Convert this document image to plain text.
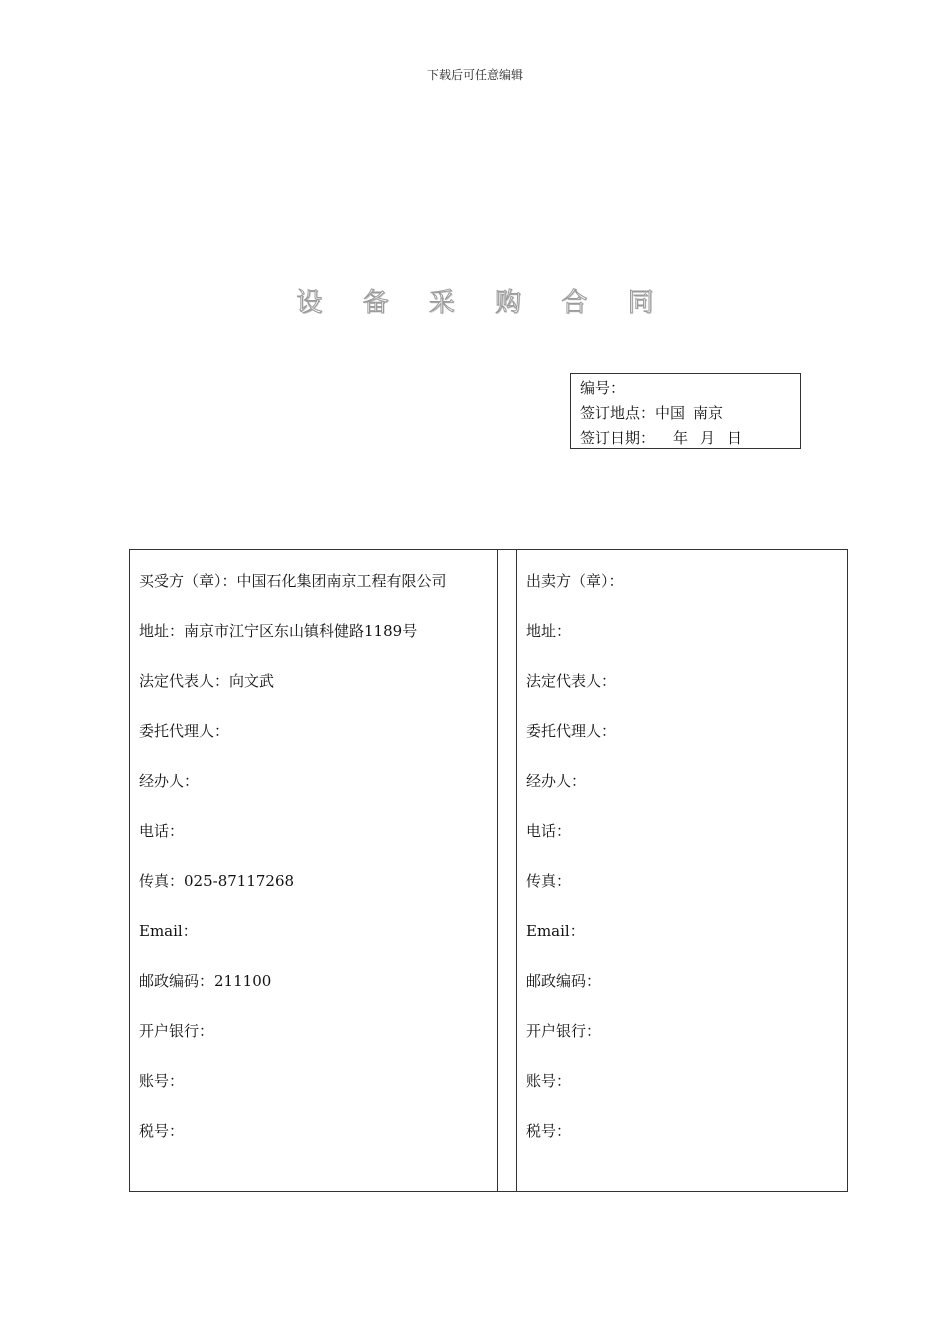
下载后可任意编辑
设 备 采 购 合 同
编号：
签订地点：中国 南京
签订日期： 年 月 日
买受方（章）：中国石化集团南京工程有限公司
地址：南京市江宁区东山镇科健路1189号
法定代表人：向文武
委托代理人：
经办人：
电话：
传真：025-87117268
Email：
邮政编码：211100
开户银行：
账号：
税号：
出卖方（章）：
地址：
法定代表人：
委托代理人：
经办人：
电话：
传真：
Email：
邮政编码：
开户银行：
账号：
税号：
